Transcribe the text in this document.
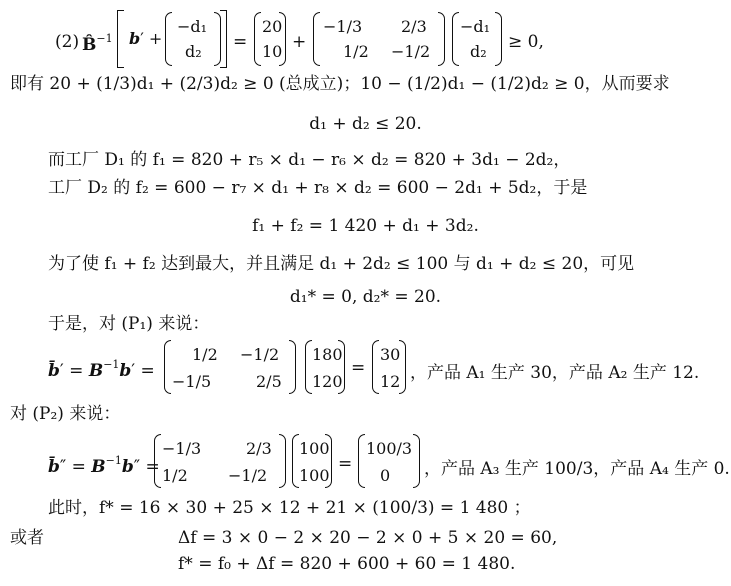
(2) B̂$^{-1}$ b′ +
−d₁
d₂ =
20
10 +
−1/3 2/3
1/2 −1/2
−d₁
d₂ ≥ 0,
即有 20 + (1/3)d₁ + (2/3)d₂ ≥ 0 (总成立)；10 − (1/2)d₁ − (1/2)d₂ ≥ 0，从而要求
d₁ + d₂ ≤ 20.
而工厂 D₁ 的 f₁ = 820 + r₅ × d₁ − r₆ × d₂ = 820 + 3d₁ − 2d₂，
工厂 D₂ 的 f₂ = 600 − r₇ × d₁ + r₈ × d₂ = 600 − 2d₁ + 5d₂，于是
f₁ + f₂ = 1 420 + d₁ + 3d₂.
为了使 f₁ + f₂ 达到最大，并且满足 d₁ + 2d₂ ≤ 100 与 d₁ + d₂ ≤ 20，可见
d₁* = 0, d₂* = 20.
于是，对 (P₁) 来说：
b̄′ = $B^{-1}b'$ =
1/2 −1/2
−1/5	2/5
180
120
=
30
12 ，产品 A₁ 生产 30，产品 A₂ 生产 12.
对 (P₂) 来说：
b̄″ = $B^{-1}b''$ =
−1/3	2/3
1/2	−1/2
100
100
=
100/3
0 ，产品 A₃ 生产 100/3，产品 A₄ 生产 0.
此时，f* = 16 × 30 + 25 × 12 + 21 × (100/3) = 1 480 ；
或者	Δf = 3 × 0 − 2 × 20 − 2 × 0 + 5 × 20 = 60,
f* = f₀ + Δf = 820 + 600 + 60 = 1 480.
